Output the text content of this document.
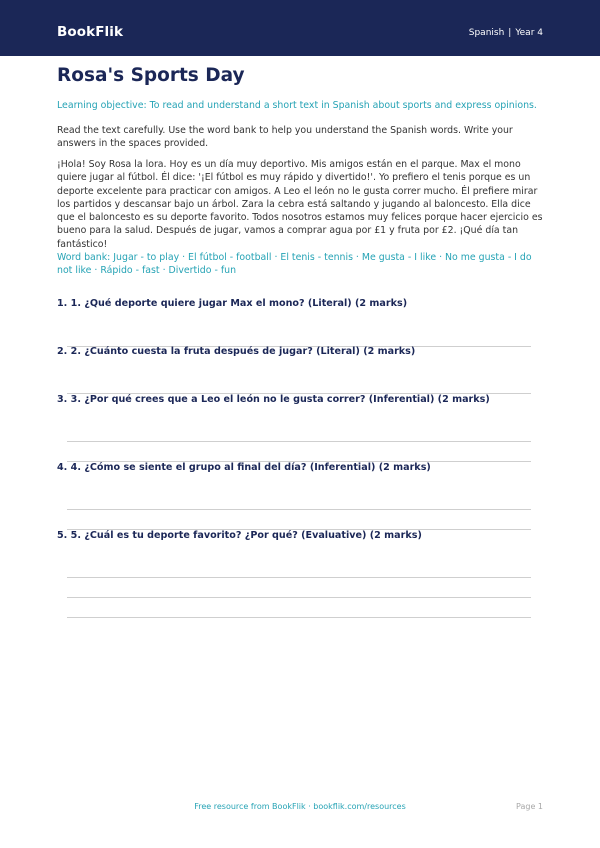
BookFlik	Spanish | Year 4
Rosa's Sports Day

Learning objective: To read and understand a short text in Spanish about sports and express opinions.

Read the text carefully. Use the word bank to help you understand the Spanish words. Write your answers in the spaces provided.

¡Hola! Soy Rosa la lora. Hoy es un día muy deportivo. Mis amigos están en el parque. Max el mono quiere jugar al fútbol. Él dice: '¡El fútbol es muy rápido y divertido!'. Yo prefiero el tenis porque es un deporte excelente para practicar con amigos. A Leo el león no le gusta correr mucho. Él prefiere mirar los partidos y descansar bajo un árbol. Zara la cebra está saltando y jugando al baloncesto. Ella dice que el baloncesto es su deporte favorito. Todos nosotros estamos muy felices porque hacer ejercicio es bueno para la salud. Después de jugar, vamos a comprar agua por £1 y fruta por £2. ¡Qué día tan fantástico!

Word bank: Jugar - to play · El fútbol - football · El tenis - tennis · Me gusta - I like · No me gusta - I do not like · Rápido - fast · Divertido - fun

1. 1. ¿Qué deporte quiere jugar Max el mono? (Literal) (2 marks)

2. 2. ¿Cuánto cuesta la fruta después de jugar? (Literal) (2 marks)

3. 3. ¿Por qué crees que a Leo el león no le gusta correr? (Inferential) (2 marks)

4. 4. ¿Cómo se siente el grupo al final del día? (Inferential) (2 marks)

5. 5. ¿Cuál es tu deporte favorito? ¿Por qué? (Evaluative) (2 marks)

Free resource from BookFlik · bookflik.com/resources	Page 1
